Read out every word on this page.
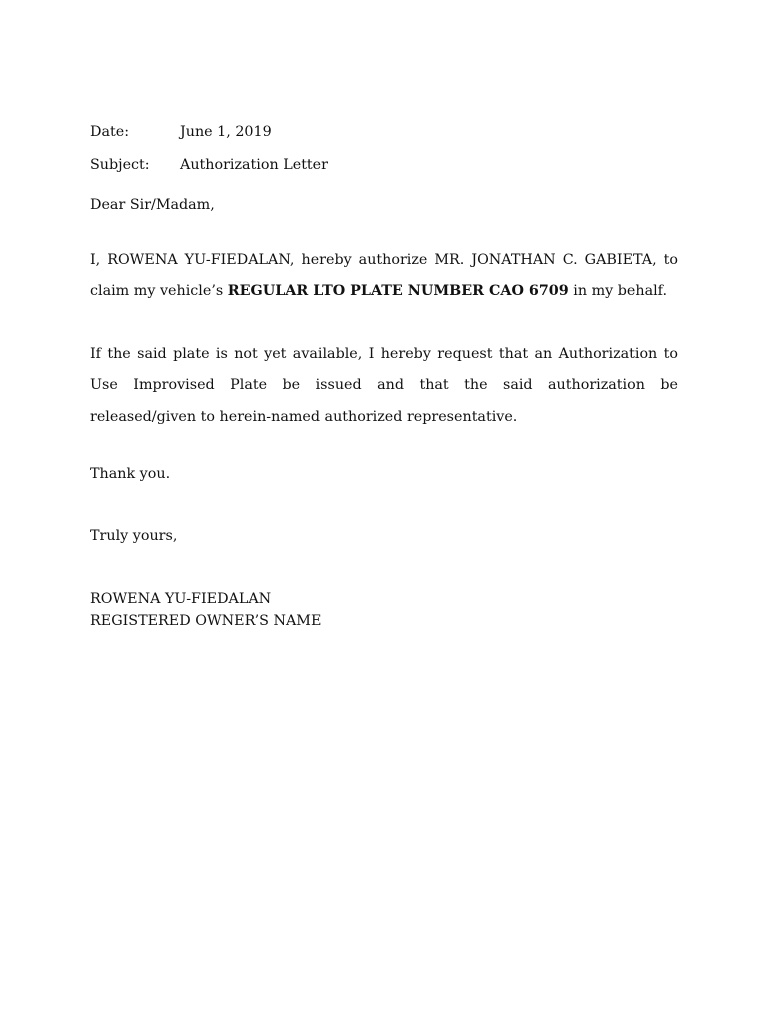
Date:	June 1, 2019
Subject:	Authorization Letter

Dear Sir/Madam,

I, ROWENA YU-FIEDALAN, hereby authorize MR. JONATHAN C. GABIETA, to claim my vehicle’s REGULAR LTO PLATE NUMBER CAO 6709 in my behalf.

If the said plate is not yet available, I hereby request that an Authorization to Use Improvised Plate be issued and that the said authorization be released/given to herein-named authorized representative.

Thank you.

Truly yours,

ROWENA YU-FIEDALAN

REGISTERED OWNER’S NAME
